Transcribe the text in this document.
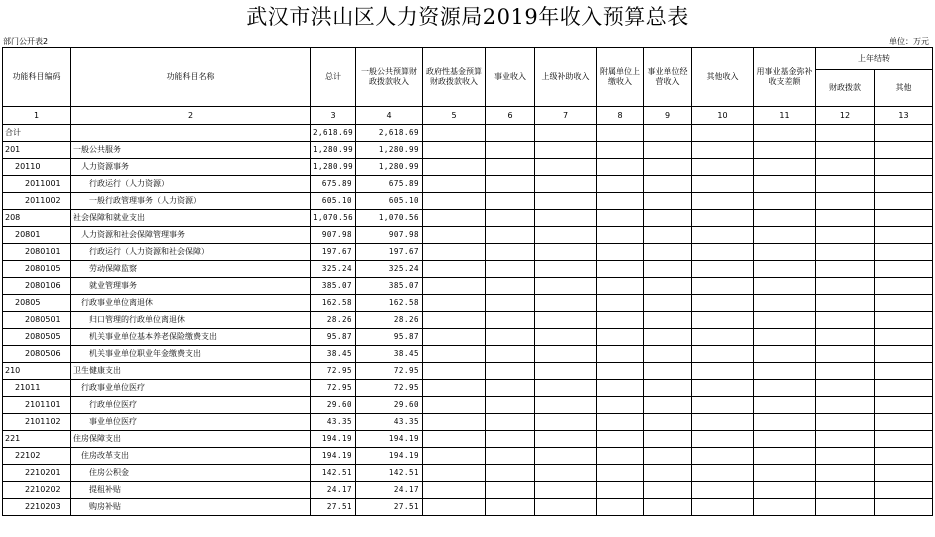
武汉市洪山区人力资源局2019年收入预算总表
部门公开表2	单位：万元
功能科目编码	功能科目名称	总计	一般公共预算财政拨款收入	政府性基金预算财政拨款收入	事业收入	上级补助收入	附属单位上缴收入	事业单位经营收入	其他收入	用事业基金弥补收支差额	上年结转	
											财政拨款	其他
1	2	3	4	5	6	7	8	9	10	11	12	13
合计		2,618.69	2,618.69									
201	一般公共服务	1,280.99	1,280.99									
20110	人力资源事务	1,280.99	1,280.99									
2011001	行政运行（人力资源）	675.89	675.89									
2011002	一般行政管理事务（人力资源）	605.10	605.10									
208	社会保障和就业支出	1,070.56	1,070.56									
20801	人力资源和社会保障管理事务	907.98	907.98									
2080101	行政运行（人力资源和社会保障）	197.67	197.67									
2080105	劳动保障监察	325.24	325.24									
2080106	就业管理事务	385.07	385.07									
20805	行政事业单位离退休	162.58	162.58									
2080501	归口管理的行政单位离退休	28.26	28.26									
2080505	机关事业单位基本养老保险缴费支出	95.87	95.87									
2080506	机关事业单位职业年金缴费支出	38.45	38.45									
210	卫生健康支出	72.95	72.95									
21011	行政事业单位医疗	72.95	72.95									
2101101	行政单位医疗	29.60	29.60									
2101102	事业单位医疗	43.35	43.35									
221	住房保障支出	194.19	194.19									
22102	住房改革支出	194.19	194.19									
2210201	住房公积金	142.51	142.51									
2210202	提租补贴	24.17	24.17									
2210203	购房补贴	27.51	27.51									
